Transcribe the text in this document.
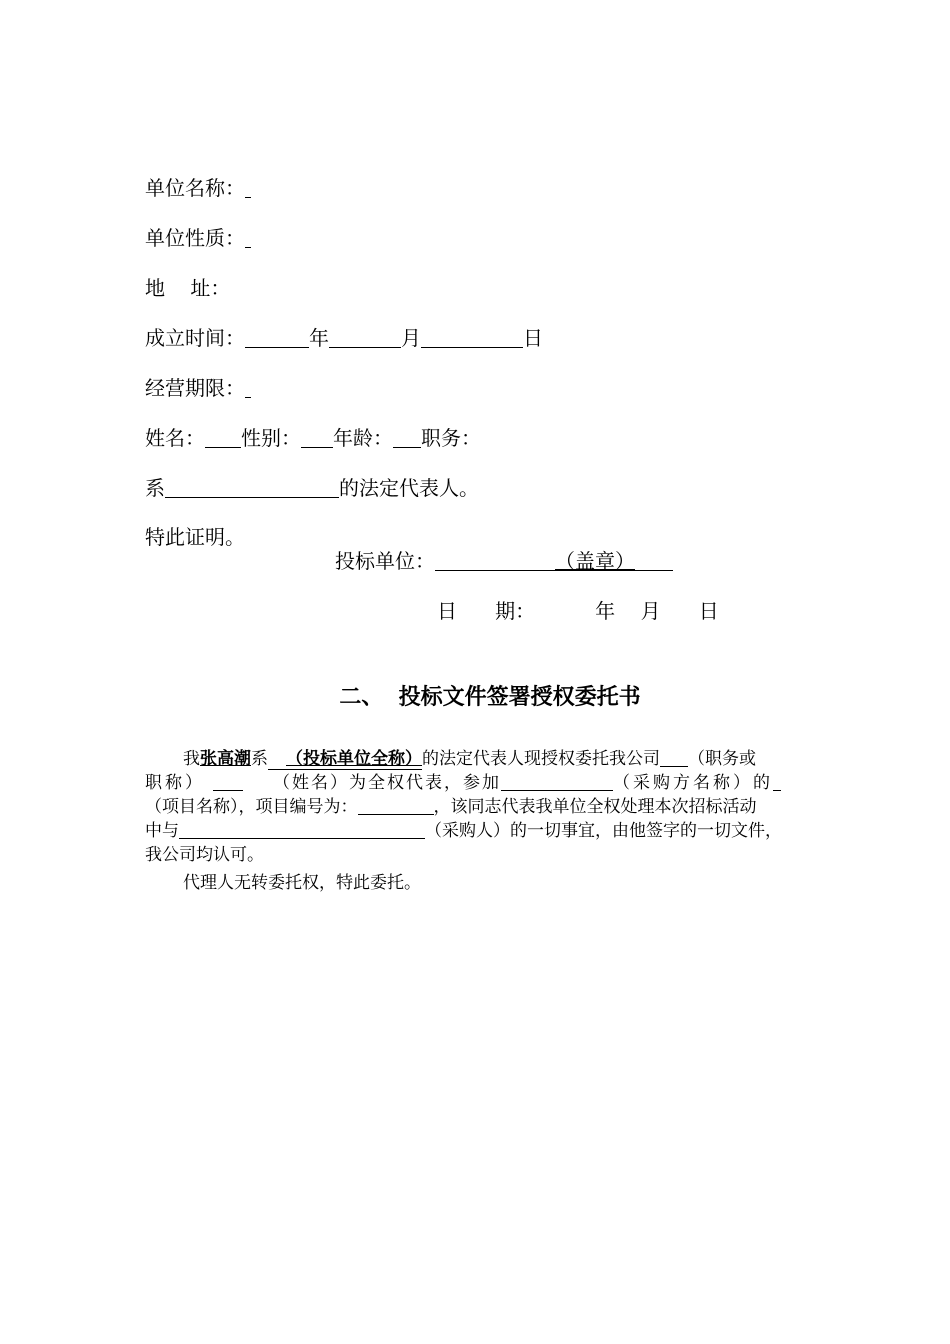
单位名称：
单位性质：
地    址：
成立时间：	年	月	日
经营期限：
姓名： 性别： 年龄： 职务：
系	的法定代表人。
特此证明。
投标单位：	（盖章）
日      期：	年    月      日
二、  投标文件签署授权委托书
我张高潮系 （投标单位全称）的法定代表人现授权委托我公司 （职务或
职称）	（姓名）为全权代表，参加	（采购方名称）的
（项目名称），项目编号为：	，该同志代表我单位全权处理本次招标活动
中与	（采购人）的一切事宜，由他签字的一切文件，
我公司均认可。
代理人无转委托权，特此委托。
